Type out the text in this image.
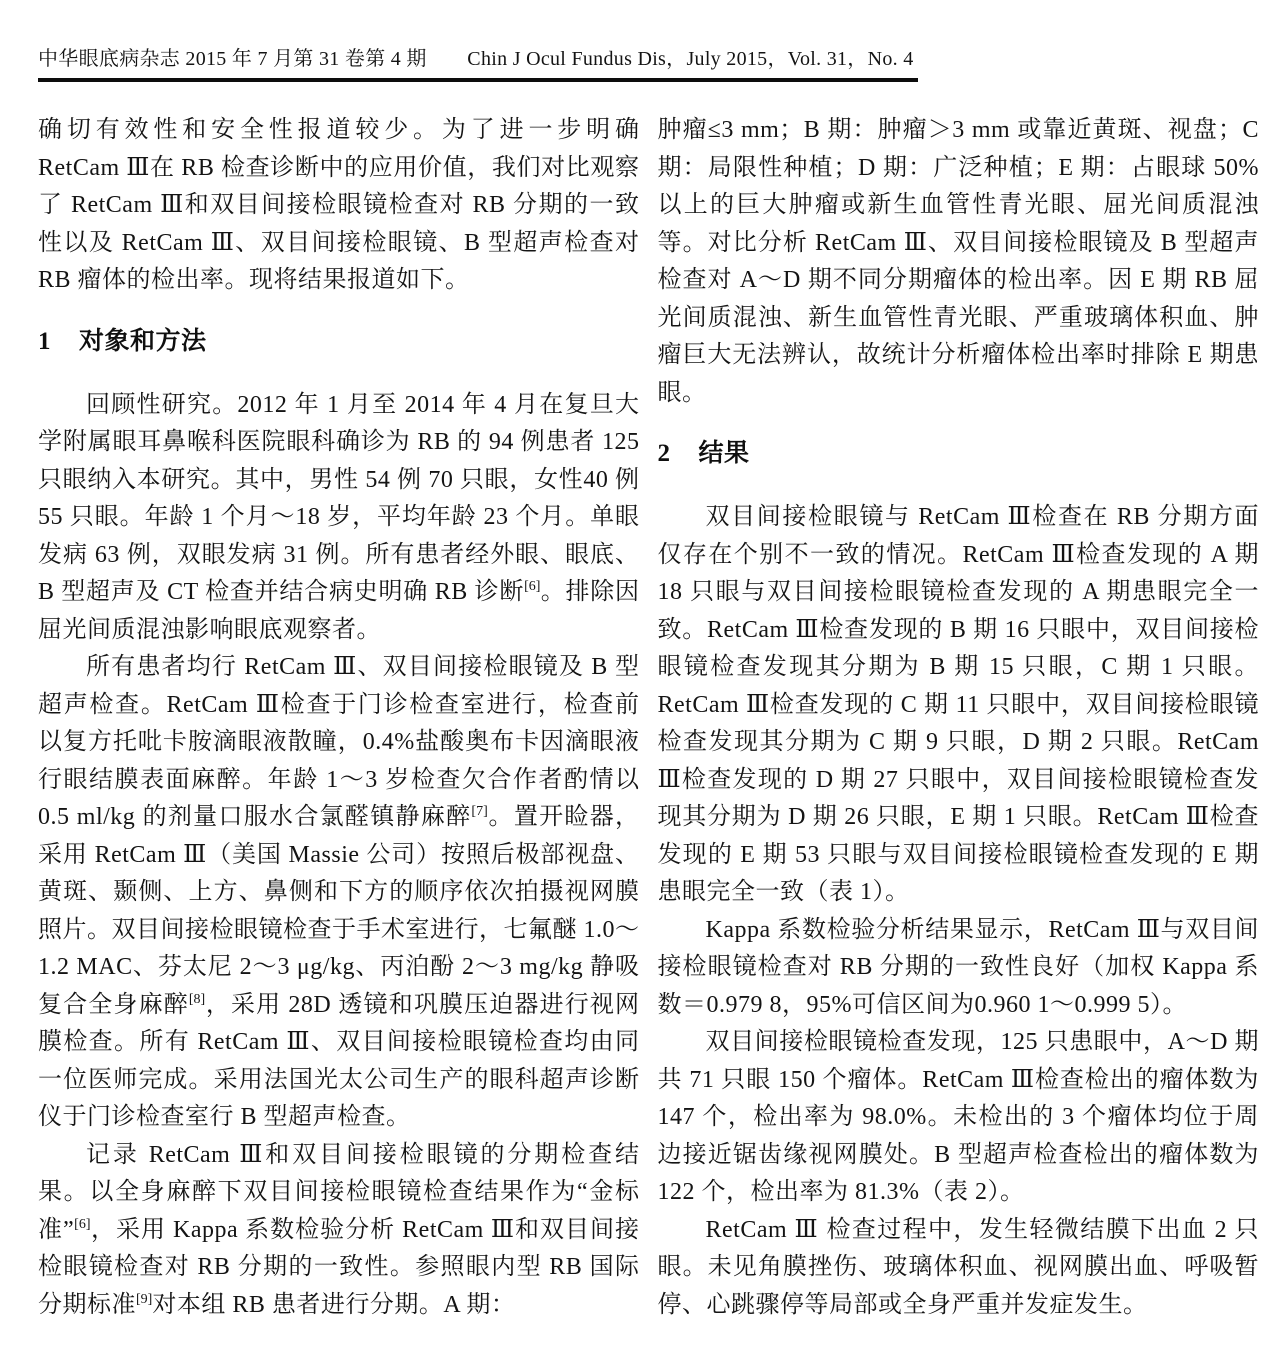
中华眼底病杂志 2015 年 7 月第 31 卷第 4 期　　Chin J Ocul Fundus Dis，July 2015，Vol. 31，No. 4

确切有效性和安全性报道较少。为了进一步明确 RetCam Ⅲ在 RB 检查诊断中的应用价值，我们对比观察了 RetCam Ⅲ和双目间接检眼镜检查对 RB 分期的一致性以及 RetCam Ⅲ、双目间接检眼镜、B 型超声检查对 RB 瘤体的检出率。现将结果报道如下。

1 对象和方法

回顾性研究。2012 年 1 月至 2014 年 4 月在复旦大学附属眼耳鼻喉科医院眼科确诊为 RB 的 94 例患者 125 只眼纳入本研究。其中，男性 54 例 70 只眼，女性40 例 55 只眼。年龄 1 个月～18 岁，平均年龄 23 个月。单眼发病 63 例，双眼发病 31 例。所有患者经外眼、眼底、B 型超声及 CT 检查并结合病史明确 RB 诊断[6]。排除因屈光间质混浊影响眼底观察者。

所有患者均行 RetCam Ⅲ、双目间接检眼镜及 B 型超声检查。RetCam Ⅲ检查于门诊检查室进行，检查前以复方托吡卡胺滴眼液散瞳，0.4%盐酸奥布卡因滴眼液行眼结膜表面麻醉。年龄 1～3 岁检查欠合作者酌情以 0.5 ml/kg 的剂量口服水合氯醛镇静麻醉[7]。置开睑器，采用 RetCam Ⅲ（美国 Massie 公司）按照后极部视盘、黄斑、颞侧、上方、鼻侧和下方的顺序依次拍摄视网膜照片。双目间接检眼镜检查于手术室进行，七氟醚 1.0～1.2 MAC、芬太尼 2～3 μg/kg、丙泊酚 2～3 mg/kg 静吸复合全身麻醉[8]，采用 28D 透镜和巩膜压迫器进行视网膜检查。所有 RetCam Ⅲ、双目间接检眼镜检查均由同一位医师完成。采用法国光太公司生产的眼科超声诊断仪于门诊检查室行 B 型超声检查。

记录 RetCam Ⅲ和双目间接检眼镜的分期检查结果。以全身麻醉下双目间接检眼镜检查结果作为“金标准”[6]，采用 Kappa 系数检验分析 RetCam Ⅲ和双目间接检眼镜检查对 RB 分期的一致性。参照眼内型 RB 国际分期标准[9]对本组 RB 患者进行分期。A 期：

肿瘤≤3 mm；B 期：肿瘤＞3 mm 或靠近黄斑、视盘；C 期：局限性种植；D 期：广泛种植；E 期：占眼球 50%以上的巨大肿瘤或新生血管性青光眼、屈光间质混浊等。对比分析 RetCam Ⅲ、双目间接检眼镜及 B 型超声检查对 A～D 期不同分期瘤体的检出率。因 E 期 RB 屈光间质混浊、新生血管性青光眼、严重玻璃体积血、肿瘤巨大无法辨认，故统计分析瘤体检出率时排除 E 期患眼。

2 结果

双目间接检眼镜与 RetCam Ⅲ检查在 RB 分期方面仅存在个别不一致的情况。RetCam Ⅲ检查发现的 A 期 18 只眼与双目间接检眼镜检查发现的 A 期患眼完全一致。RetCam Ⅲ检查发现的 B 期 16 只眼中，双目间接检眼镜检查发现其分期为 B 期 15 只眼，C 期 1 只眼。RetCam Ⅲ检查发现的 C 期 11 只眼中，双目间接检眼镜检查发现其分期为 C 期 9 只眼，D 期 2 只眼。RetCam Ⅲ检查发现的 D 期 27 只眼中，双目间接检眼镜检查发现其分期为 D 期 26 只眼，E 期 1 只眼。RetCam Ⅲ检查发现的 E 期 53 只眼与双目间接检眼镜检查发现的 E 期患眼完全一致（表 1）。

Kappa 系数检验分析结果显示，RetCam Ⅲ与双目间接检眼镜检查对 RB 分期的一致性良好（加权 Kappa 系数＝0.979 8，95%可信区间为0.960 1～0.999 5）。

双目间接检眼镜检查发现，125 只患眼中，A～D 期共 71 只眼 150 个瘤体。RetCam Ⅲ检查检出的瘤体数为 147 个，检出率为 98.0%。未检出的 3 个瘤体均位于周边接近锯齿缘视网膜处。B 型超声检查检出的瘤体数为 122 个，检出率为 81.3%（表 2）。

RetCam Ⅲ 检查过程中，发生轻微结膜下出血 2 只眼。未见角膜挫伤、玻璃体积血、视网膜出血、呼吸暂停、心跳骤停等局部或全身严重并发症发生。
